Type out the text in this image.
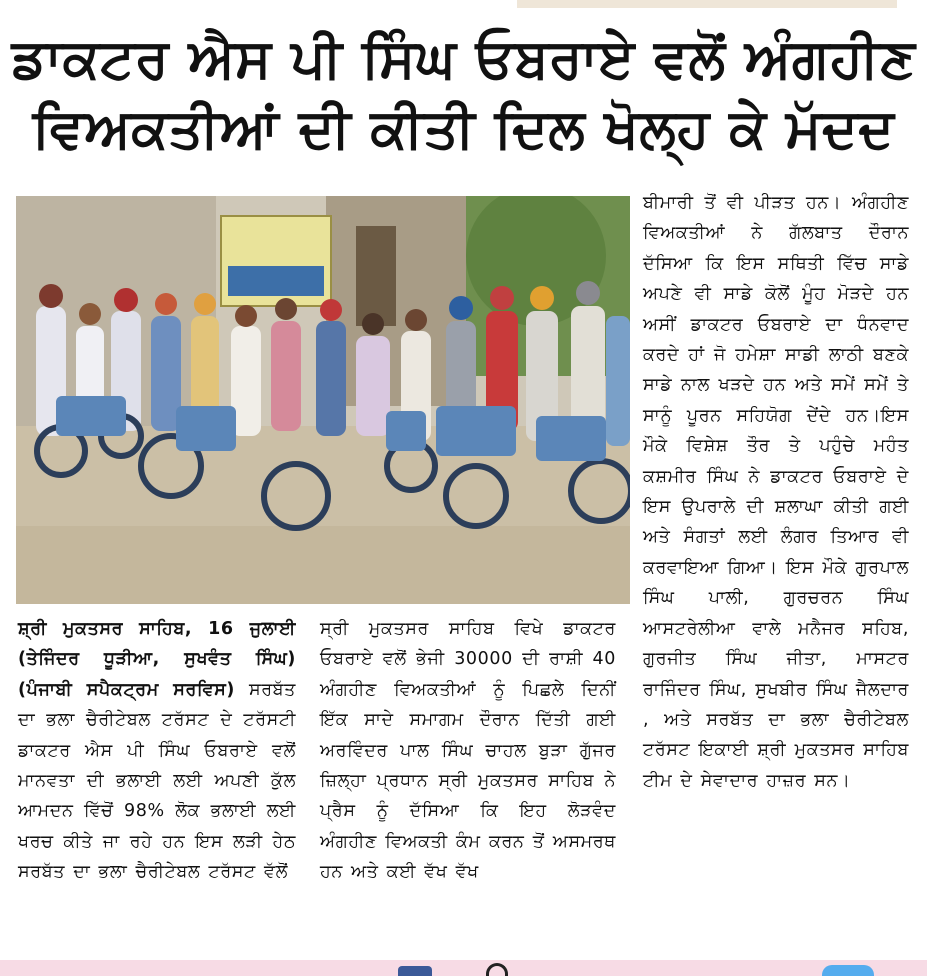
ਡਾਕਟਰ ਐਸ ਪੀ ਸਿੰਘ ਓਬਰਾਏ ਵਲੋਂ ਅੰਗਹੀਣ
ਵਿਅਕਤੀਆਂ ਦੀ ਕੀਤੀ ਦਿਲ ਖੋਲ੍ਹ ਕੇ ਮੱਦਦ

ਸ਼੍ਰੀ ਮੁਕਤਸਰ ਸਾਹਿਬ, 16 ਜੁਲਾਈ (ਤੇਜਿੰਦਰ ਧੂੜੀਆ, ਸੁਖਵੰਤ ਸਿੰਘ) (ਪੰਜਾਬੀ ਸਪੈਕਟ੍ਰਮ ਸਰਵਿਸ) ਸਰਬੱਤ ਦਾ ਭਲਾ ਚੈਰੀਟੇਬਲ ਟਰੱਸਟ ਦੇ ਟਰੱਸਟੀ ਡਾਕਟਰ ਐਸ ਪੀ ਸਿੰਘ ਓਬਰਾਏ ਵਲੋਂ ਮਾਨਵਤਾ ਦੀ ਭਲਾਈ ਲਈ ਅਪਣੀ ਕੁੱਲ ਆਮਦਨ ਵਿੱਚੋਂ 98% ਲੋਕ ਭਲਾਈ ਲਈ ਖਰਚ ਕੀਤੇ ਜਾ ਰਹੇ ਹਨ ਇਸ ਲੜੀ ਹੇਠ ਸਰਬੱਤ ਦਾ ਭਲਾ ਚੈਰੀਟੇਬਲ ਟਰੱਸਟ ਵੱਲੋਂ

ਸ੍ਰੀ ਮੁਕਤਸਰ ਸਾਹਿਬ ਵਿਖੇ ਡਾਕਟਰ ਓਬਰਾਏ ਵਲੋਂ ਭੇਜੀ 30000 ਦੀ ਰਾਸ਼ੀ 40 ਅੰਗਹੀਣ ਵਿਅਕਤੀਆਂ ਨੂੰ ਪਿਛਲੇ ਦਿਨੀਂ ਇੱਕ ਸਾਦੇ ਸਮਾਗਮ ਦੌਰਾਨ ਦਿੱਤੀ ਗਈ ਅਰਵਿੰਦਰ ਪਾਲ ਸਿੰਘ ਚਾਹਲ ਬੁੜਾ ਗੁੱਜਰ ਜ਼ਿਲ੍ਹਾ ਪ੍ਰਧਾਨ ਸ੍ਰੀ ਮੁਕਤਸਰ ਸਾਹਿਬ ਨੇ ਪ੍ਰੈਸ ਨੂੰ ਦੱਸਿਆ ਕਿ ਇਹ ਲੋੜਵੰਦ ਅੰਗਹੀਣ ਵਿਅਕਤੀ ਕੰਮ ਕਰਨ ਤੋਂ ਅਸਮਰਥ ਹਨ ਅਤੇ ਕਈ ਵੱਖ ਵੱਖ

ਬੀਮਾਰੀ ਤੋਂ ਵੀ ਪੀੜਤ ਹਨ। ਅੰਗਹੀਣ ਵਿਅਕਤੀਆਂ ਨੇ ਗੱਲਬਾਤ ਦੌਰਾਨ ਦੱਸਿਆ ਕਿ ਇਸ ਸਥਿਤੀ ਵਿੱਚ ਸਾਡੇ ਅਪਣੇ ਵੀ ਸਾਡੇ ਕੋਲੋਂ ਮੂੰਹ ਮੋੜਦੇ ਹਨ ਅਸੀਂ ਡਾਕਟਰ ਓਬਰਾਏ ਦਾ ਧੰਨਵਾਦ ਕਰਦੇ ਹਾਂ ਜੋ ਹਮੇਸ਼ਾ ਸਾਡੀ ਲਾਠੀ ਬਣਕੇ ਸਾਡੇ ਨਾਲ ਖੜਦੇ ਹਨ ਅਤੇ ਸਮੇਂ ਸਮੇਂ ਤੇ ਸਾਨੂੰ ਪੂਰਨ ਸਹਿਯੋਗ ਦੇਂਦੇ ਹਨ।ਇਸ ਮੌਕੇ ਵਿਸ਼ੇਸ਼ ਤੌਰ ਤੇ ਪਹੁੰਚੇ ਮਹੰਤ ਕਸ਼ਮੀਰ ਸਿੰਘ ਨੇ ਡਾਕਟਰ ਓਬਰਾਏ ਦੇ ਇਸ ਉਪਰਾਲੇ ਦੀ ਸ਼ਲਾਘਾ ਕੀਤੀ ਗਈ ਅਤੇ ਸੰਗਤਾਂ ਲਈ ਲੰਗਰ ਤਿਆਰ ਵੀ ਕਰਵਾਇਆ ਗਿਆ। ਇਸ ਮੌਕੇ ਗੁਰਪਾਲ ਸਿੰਘ ਪਾਲੀ, ਗੁਰਚਰਨ ਸਿੰਘ ਆਸਟਰੇਲੀਆ ਵਾਲੇ ਮਨੈਜਰ ਸਹਿਬ, ਗੁਰਜੀਤ ਸਿੰਘ ਜੀਤਾ, ਮਾਸਟਰ ਰਾਜਿੰਦਰ ਸਿੰਘ, ਸੁਖਬੀਰ ਸਿੰਘ ਜੈਲਦਾਰ , ਅਤੇ ਸਰਬੱਤ ਦਾ ਭਲਾ ਚੈਰੀਟੇਬਲ ਟਰੱਸਟ ਇਕਾਈ ਸ਼੍ਰੀ ਮੁਕਤਸਰ ਸਾਹਿਬ ਟੀਮ ਦੇ ਸੇਵਾਦਾਰ ਹਾਜ਼ਰ ਸਨ।
